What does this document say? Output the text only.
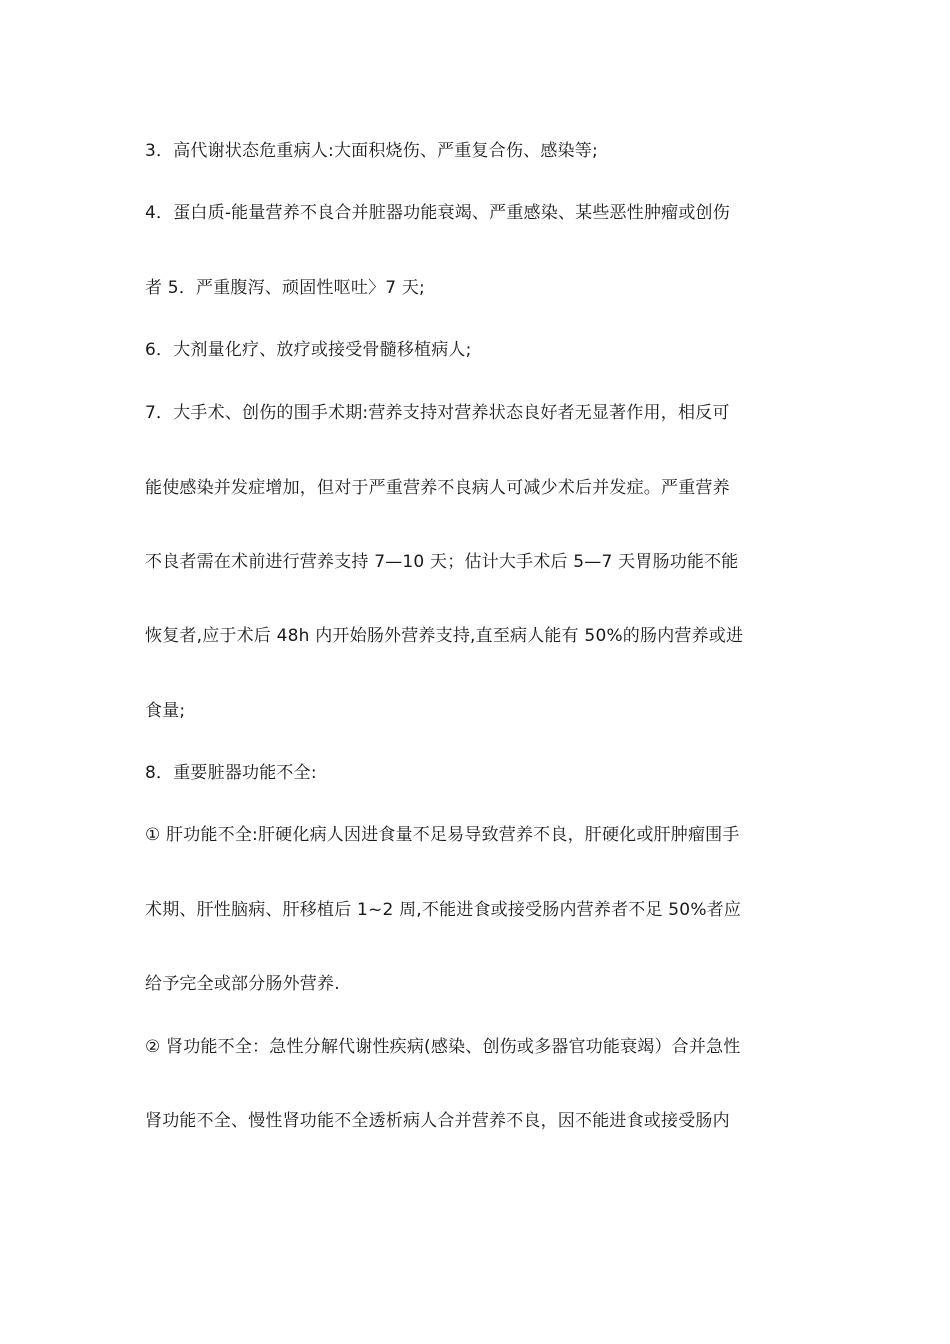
3．高代谢状态危重病人:大面积烧伤、严重复合伤、感染等;
4．蛋白质-能量营养不良合并脏器功能衰竭、严重感染、某些恶性肿瘤或创伤
者 5．严重腹泻、顽固性呕吐〉7 天;
6．大剂量化疗、放疗或接受骨髓移植病人;
7．大手术、创伤的围手术期:营养支持对营养状态良好者无显著作用，相反可
能使感染并发症增加，但对于严重营养不良病人可减少术后并发症。严重营养
不良者需在术前进行营养支持 7—10 天；估计大手术后 5—7 天胃肠功能不能
恢复者,应于术后 48h 内开始肠外营养支持,直至病人能有 50%的肠内营养或进
食量;
8．重要脏器功能不全:
① 肝功能不全:肝硬化病人因进食量不足易导致营养不良，肝硬化或肝肿瘤围手
术期、肝性脑病、肝移植后 1~2 周,不能进食或接受肠内营养者不足 50%者应
给予完全或部分肠外营养.
② 肾功能不全：急性分解代谢性疾病(感染、创伤或多器官功能衰竭）合并急性
肾功能不全、慢性肾功能不全透析病人合并营养不良，因不能进食或接受肠内
